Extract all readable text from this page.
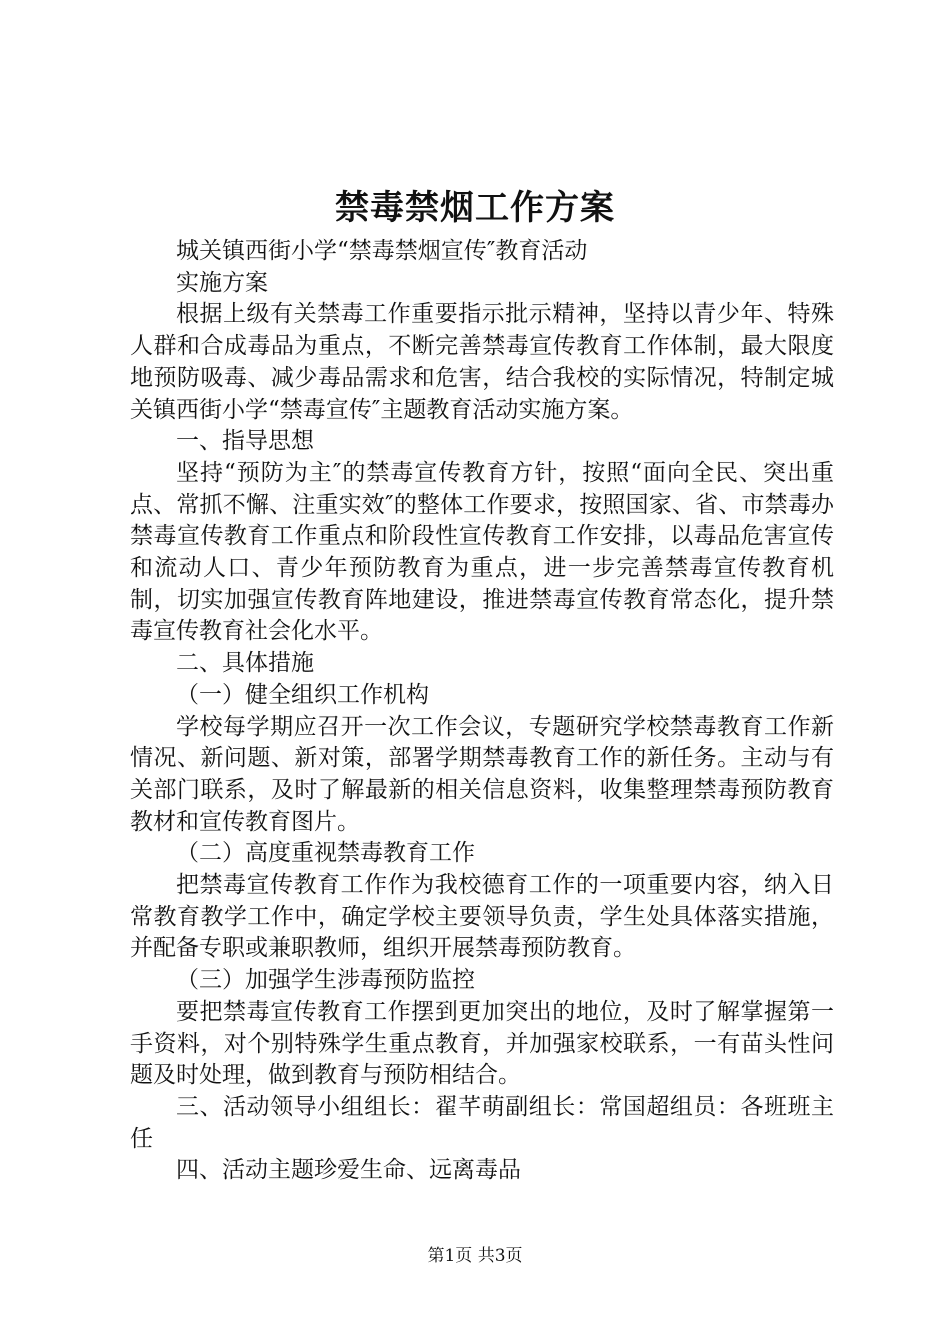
禁毒禁烟工作方案

城关镇西街小学“禁毒禁烟宣传″教育活动

实施方案

根据上级有关禁毒工作重要指示批示精神，坚持以青少年、特殊人群和合成毒品为重点，不断完善禁毒宣传教育工作体制，最大限度地预防吸毒、减少毒品需求和危害，结合我校的实际情况，特制定城关镇西街小学“禁毒宣传″主题教育活动实施方案。

一、指导思想

坚持“预防为主″的禁毒宣传教育方针，按照“面向全民、突出重点、常抓不懈、注重实效″的整体工作要求，按照国家、省、市禁毒办禁毒宣传教育工作重点和阶段性宣传教育工作安排，以毒品危害宣传和流动人口、青少年预防教育为重点，进一步完善禁毒宣传教育机制，切实加强宣传教育阵地建设，推进禁毒宣传教育常态化，提升禁毒宣传教育社会化水平。

二、具体措施

（一）健全组织工作机构

学校每学期应召开一次工作会议，专题研究学校禁毒教育工作新情况、新问题、新对策，部署学期禁毒教育工作的新任务。主动与有关部门联系，及时了解最新的相关信息资料，收集整理禁毒预防教育教材和宣传教育图片。

（二）高度重视禁毒教育工作

把禁毒宣传教育工作作为我校德育工作的一项重要内容，纳入日常教育教学工作中，确定学校主要领导负责，学生处具体落实措施，并配备专职或兼职教师，组织开展禁毒预防教育。

（三）加强学生涉毒预防监控

要把禁毒宣传教育工作摆到更加突出的地位，及时了解掌握第一手资料，对个别特殊学生重点教育，并加强家校联系，一有苗头性问题及时处理，做到教育与预防相结合。

三、活动领导小组组长：翟芊萌副组长：常国超组员：各班班主任

四、活动主题珍爱生命、远离毒品

第1页 共3页
